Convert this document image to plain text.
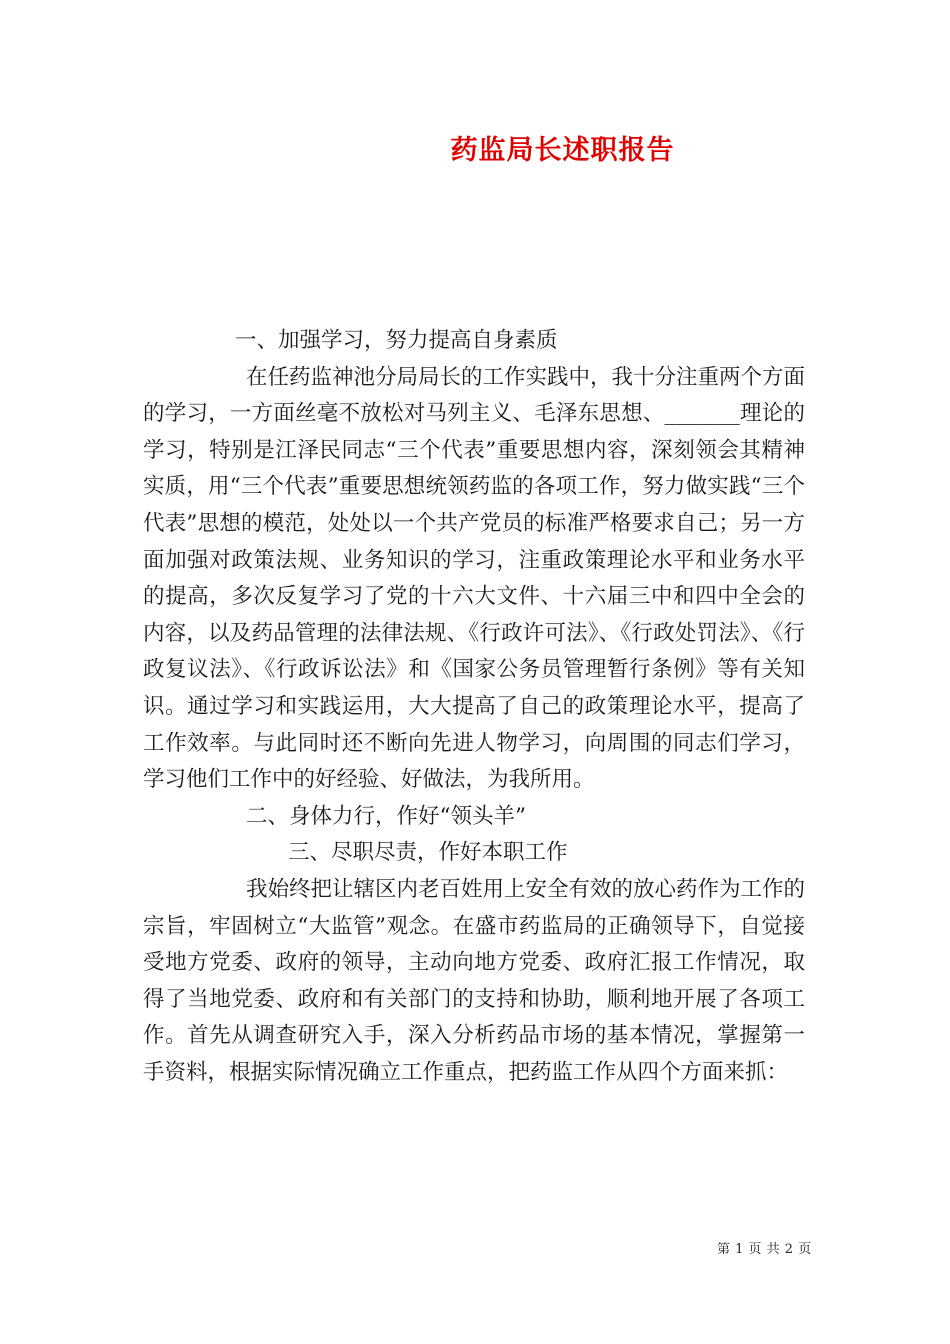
药监局长述职报告

一、加强学习，努力提高自身素质

在任药监神池分局局长的工作实践中，我十分注重两个方面的学习，一方面丝毫不放松对马列主义、毛泽东思想、_______理论的学习，特别是江泽民同志“三个代表”重要思想内容，深刻领会其精神实质，用“三个代表”重要思想统领药监的各项工作，努力做实践“三个代表”思想的模范，处处以一个共产党员的标准严格要求自己；另一方面加强对政策法规、业务知识的学习，注重政策理论水平和业务水平的提高，多次反复学习了党的十六大文件、十六届三中和四中全会的内容，以及药品管理的法律法规、《行政许可法》、《行政处罚法》、《行政复议法》、《行政诉讼法》和《国家公务员管理暂行条例》等有关知识。通过学习和实践运用，大大提高了自己的政策理论水平，提高了工作效率。与此同时还不断向先进人物学习，向周围的同志们学习，学习他们工作中的好经验、好做法，为我所用。

二、身体力行，作好“领头羊”

三、尽职尽责，作好本职工作

我始终把让辖区内老百姓用上安全有效的放心药作为工作的宗旨，牢固树立“大监管”观念。在盛市药监局的正确领导下，自觉接受地方党委、政府的领导，主动向地方党委、政府汇报工作情况，取得了当地党委、政府和有关部门的支持和协助，顺利地开展了各项工作。首先从调查研究入手，深入分析药品市场的基本情况，掌握第一手资料，根据实际情况确立工作重点，把药监工作从四个方面来抓：

第 1 页 共 2 页
